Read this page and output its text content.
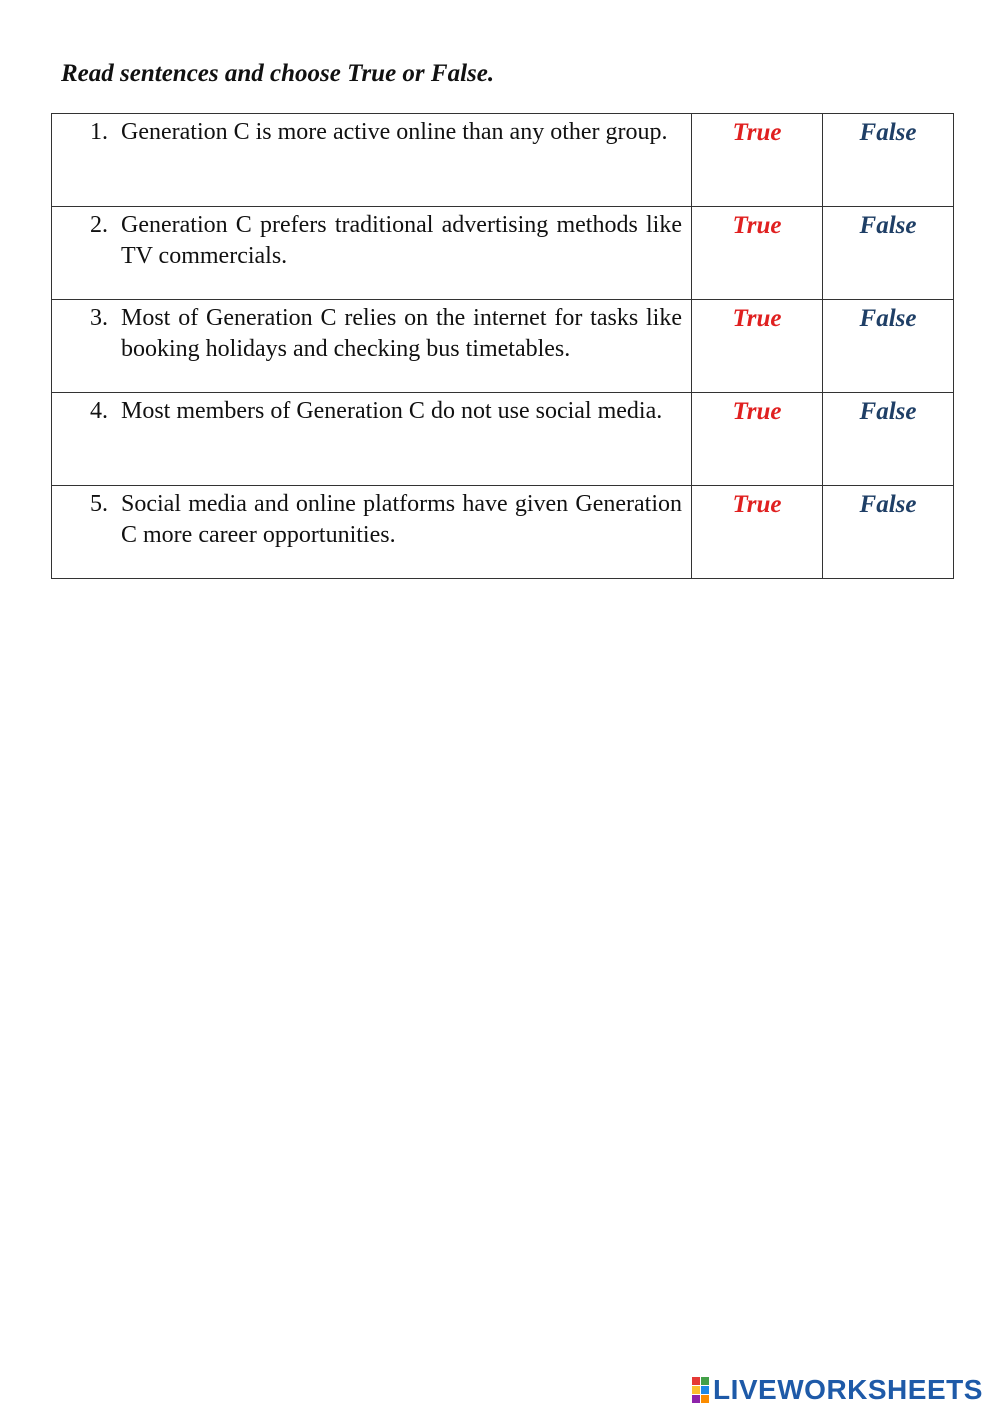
Read sentences and choose True or False.

1. Generation C is more active online than any other group.	True	False

2. Generation C prefers traditional advertising methods like TV commercials.	True	False

3. Most of Generation C relies on the internet for tasks like booking holidays and checking bus timetables.	True	False

4. Most members of Generation C do not use social media.	True	False

5. Social media and online platforms have given Generation C more career opportunities.	True	False
LIVEWORKSHEETS
